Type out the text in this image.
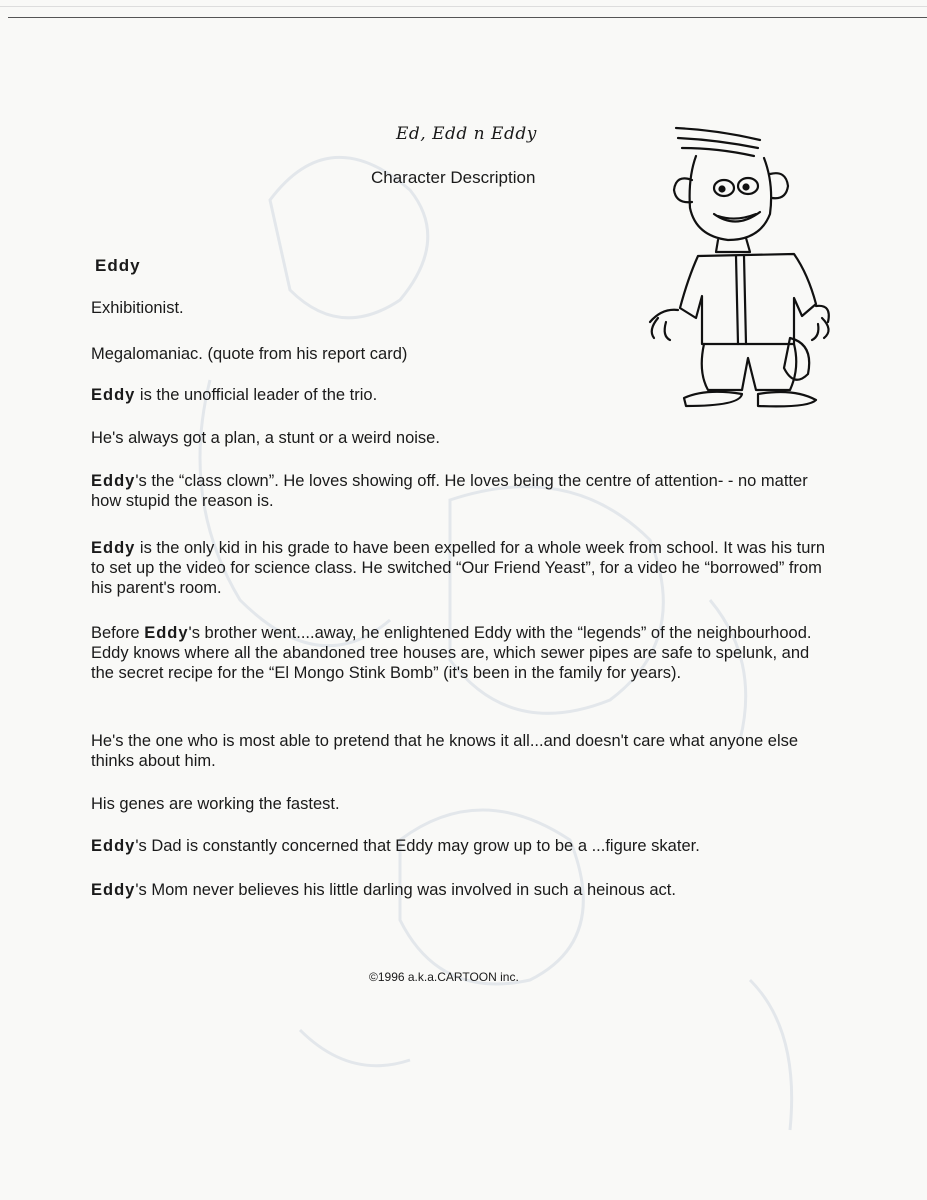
Ed, Edd n Eddy
Character Description
Eddy
Exhibitionist.
Megalomaniac. (quote from his report card)
Eddy is the unofficial leader of the trio.
He's always got a plan, a stunt or a weird noise.
Eddy's the “class clown”. He loves showing off. He loves being the centre of attention- - no matter how stupid the reason is.
Eddy is the only kid in his grade to have been expelled for a whole week from school. It was his turn to set up the video for science class. He switched “Our Friend Yeast”, for a video he “borrowed” from his parent's room.
Before Eddy's brother went....away, he enlightened Eddy with the “legends” of the neighbourhood. Eddy knows where all the abandoned tree houses are, which sewer pipes are safe to spelunk, and the secret recipe for the “El Mongo Stink Bomb” (it's been in the family for years).
He's the one who is most able to pretend that he knows it all...and doesn't care what anyone else thinks about him.
His genes are working the fastest.
Eddy's Dad is constantly concerned that Eddy may grow up to be a ...figure skater.
Eddy's Mom never believes his little darling was involved in such a heinous act.
©1996 a.k.a.CARTOON inc.
